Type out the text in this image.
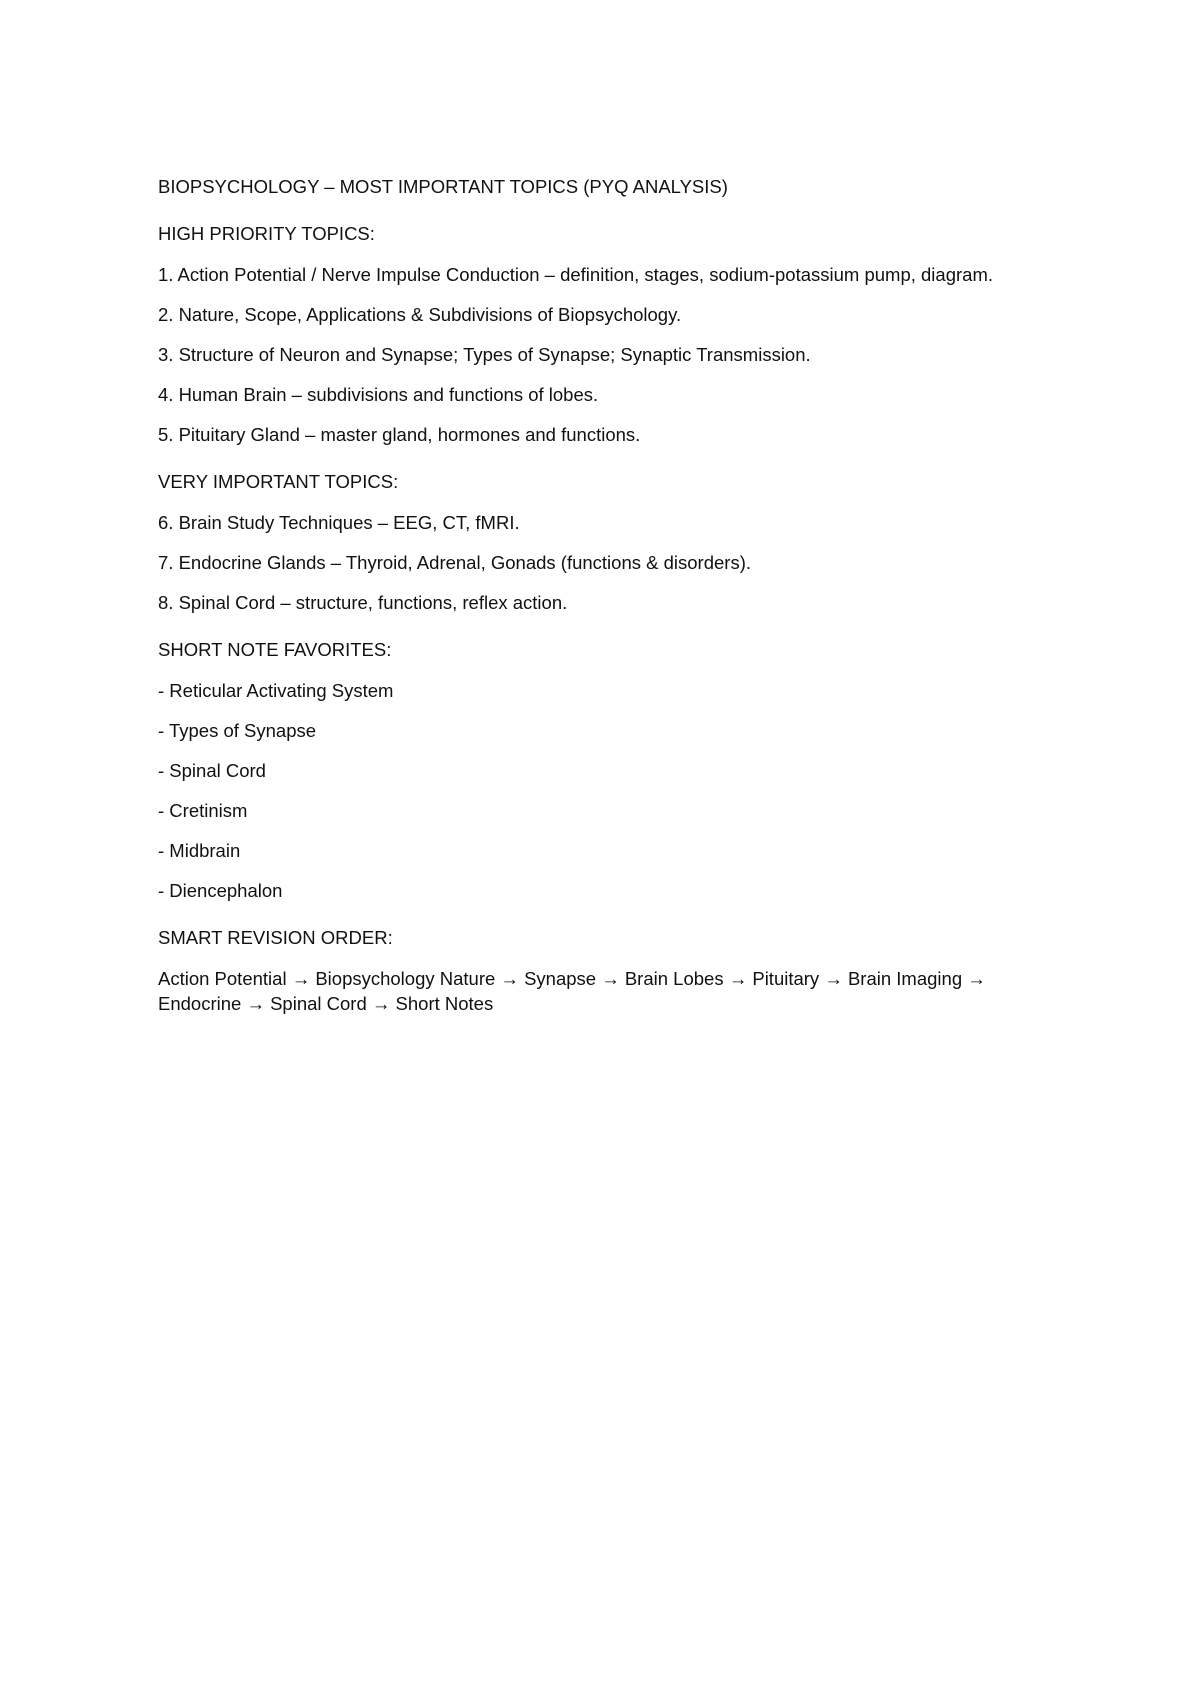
BIOPSYCHOLOGY – MOST IMPORTANT TOPICS (PYQ ANALYSIS)
HIGH PRIORITY TOPICS:
1. Action Potential / Nerve Impulse Conduction – definition, stages, sodium-potassium pump, diagram.
2. Nature, Scope, Applications & Subdivisions of Biopsychology.
3. Structure of Neuron and Synapse; Types of Synapse; Synaptic Transmission.
4. Human Brain – subdivisions and functions of lobes.
5. Pituitary Gland – master gland, hormones and functions.
VERY IMPORTANT TOPICS:
6. Brain Study Techniques – EEG, CT, fMRI.
7. Endocrine Glands – Thyroid, Adrenal, Gonads (functions & disorders).
8. Spinal Cord – structure, functions, reflex action.
SHORT NOTE FAVORITES:
- Reticular Activating System
- Types of Synapse
- Spinal Cord
- Cretinism
- Midbrain
- Diencephalon
SMART REVISION ORDER:
Action Potential → Biopsychology Nature → Synapse → Brain Lobes → Pituitary → Brain Imaging → Endocrine → Spinal Cord → Short Notes
